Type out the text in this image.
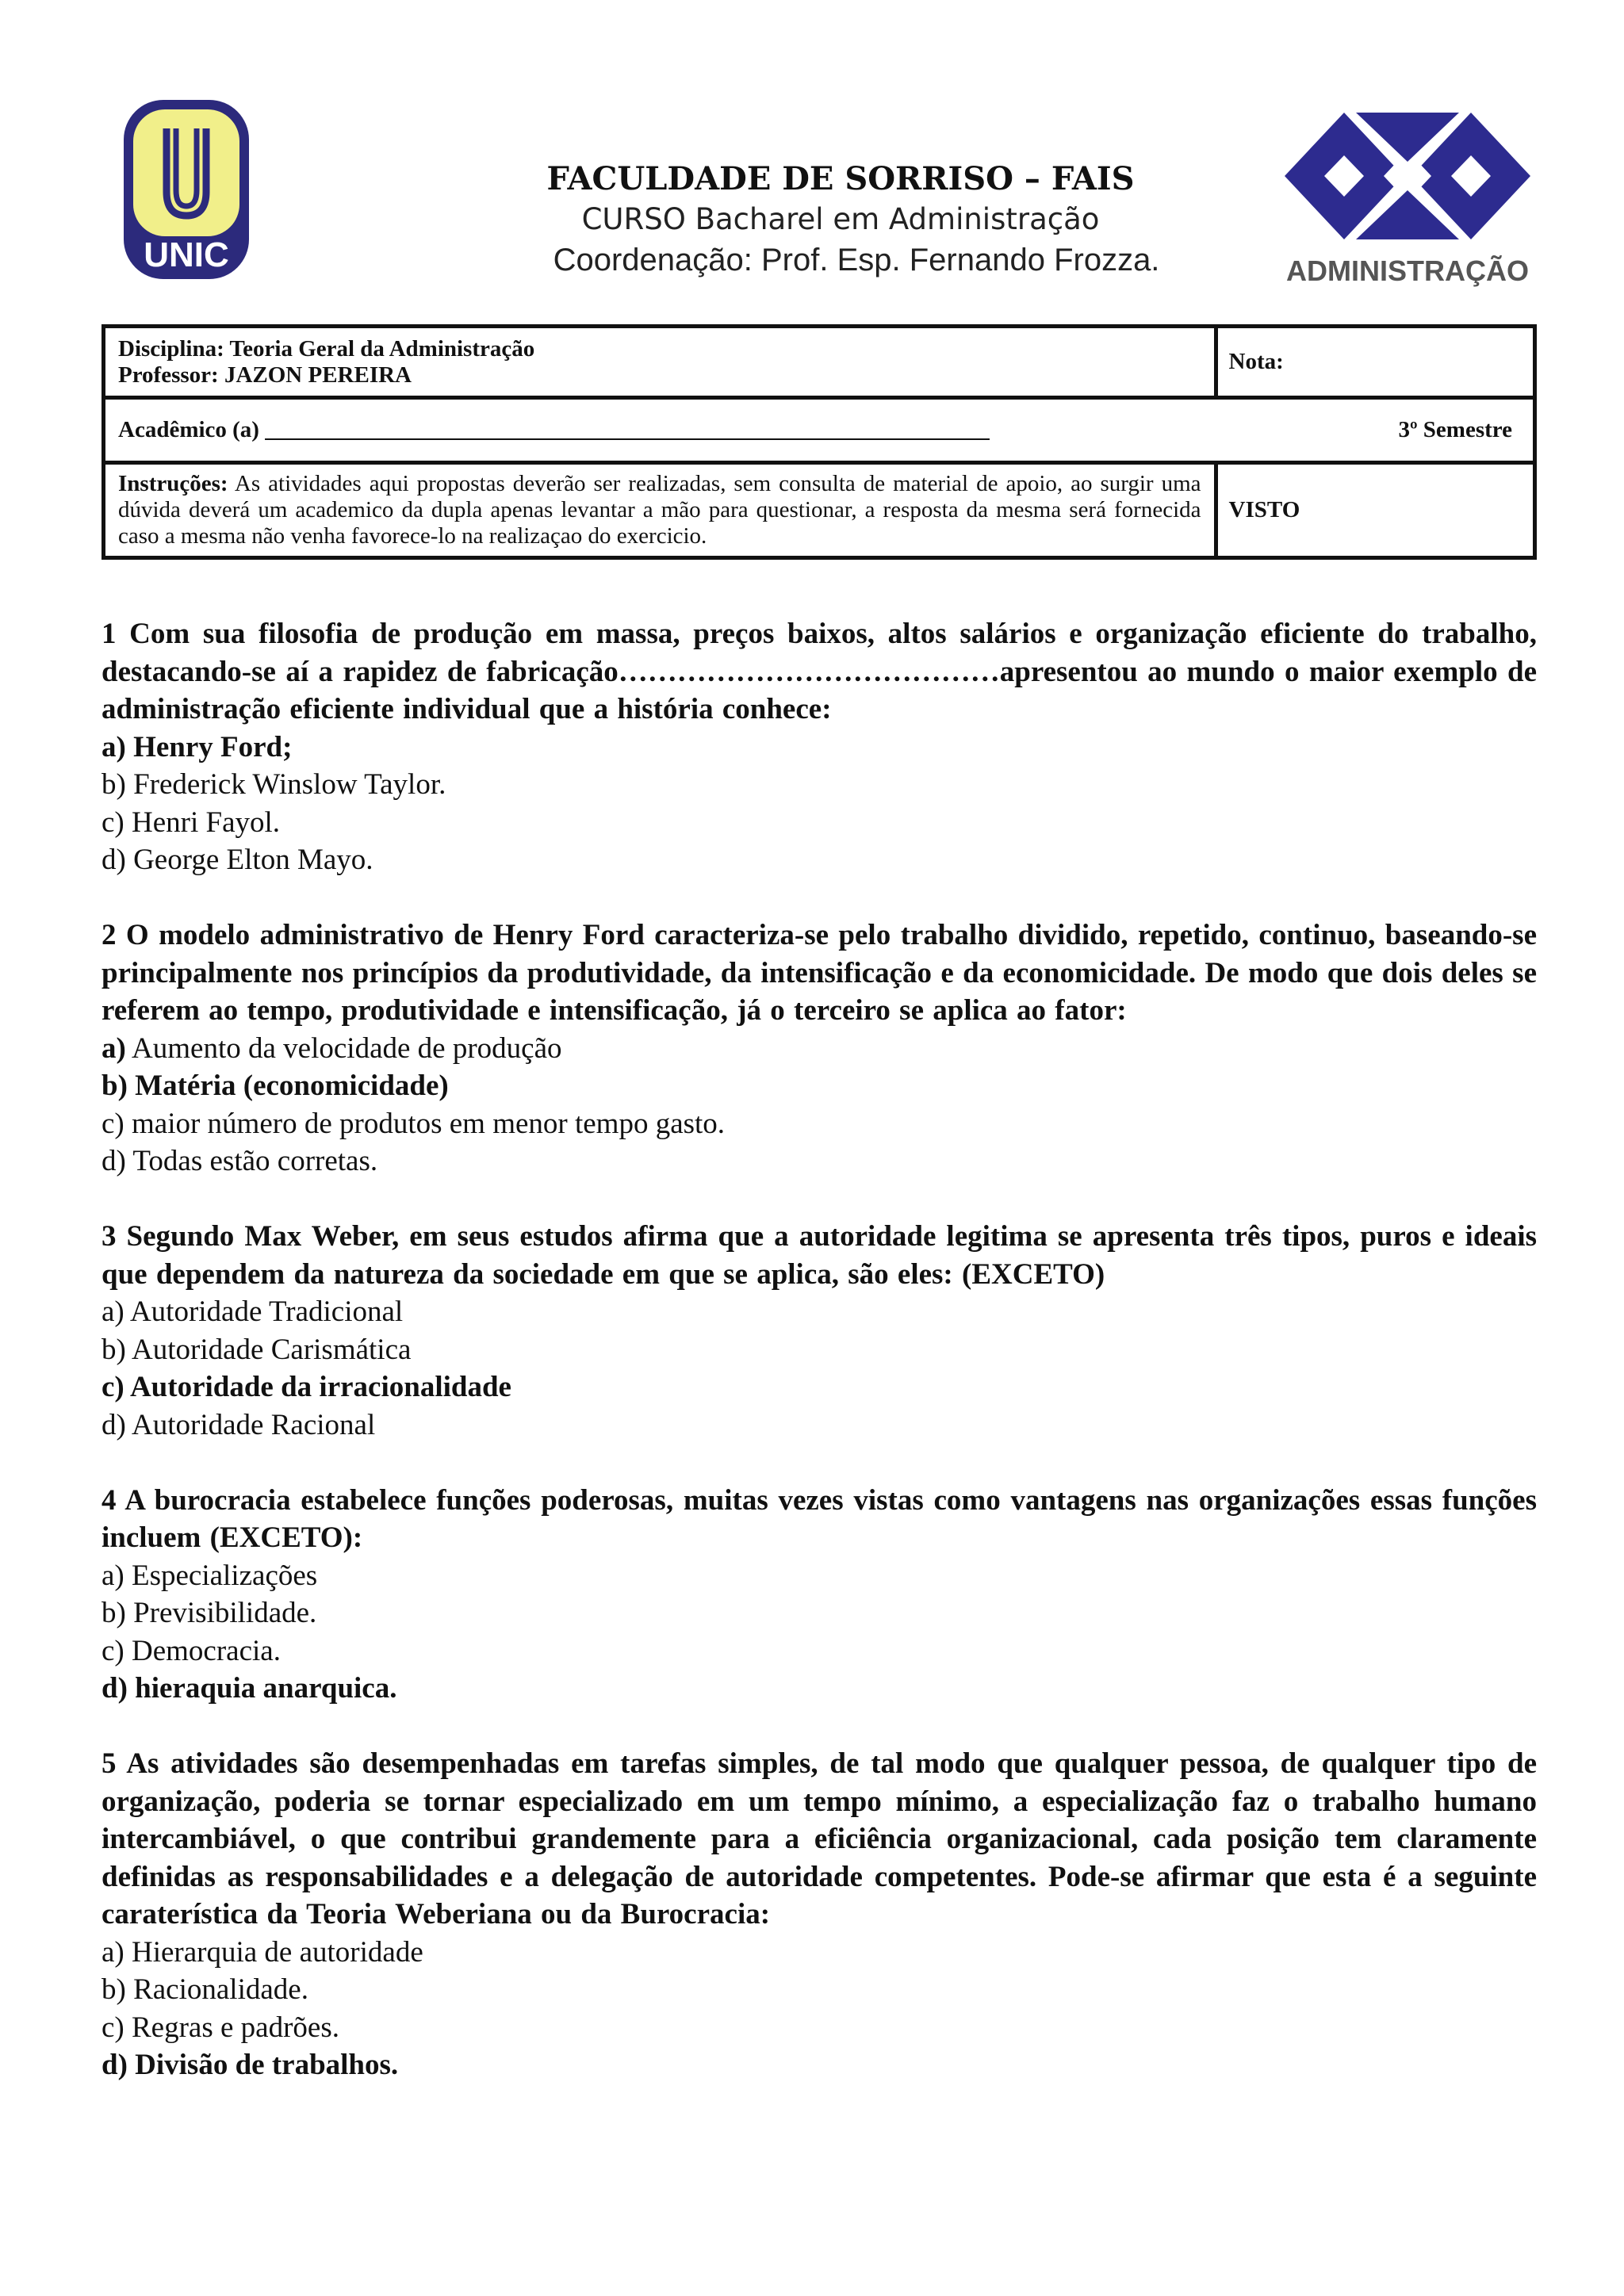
UNIC
FACULDADE DE SORRISO – FAIS
CURSO Bacharel em Administração
Coordenação: Prof. Esp. Fernando Frozza.	ADMINISTRAÇÃO
Disciplina: Teoria Geral da Administração
Professor: JAZON PEREIRA	Nota:

Acadêmico (a) _______________________________________________________________ 3º Semestre	

Instruções: As atividades aqui propostas deverão ser realizadas, sem consulta de material de apoio, ao surgir uma dúvida deverá um academico da dupla apenas levantar a mão para questionar, a resposta da mesma será fornecida caso a mesma não venha favorece-lo na realizaçao do exercicio.	VISTO
1 Com sua filosofia de produção em massa, preços baixos, altos salários e organização eficiente do trabalho, destacando-se aí a rapidez de fabricação…………………………………apresentou ao mundo o maior exemplo de administração eficiente individual que a história conhece:
a) Henry Ford;
b) Frederick Winslow Taylor.
c) Henri Fayol.
d) George Elton Mayo.
2 O modelo administrativo de Henry Ford caracteriza-se pelo trabalho dividido, repetido, continuo, baseando-se principalmente nos princípios da produtividade, da intensificação e da economicidade. De modo que dois deles se referem ao tempo, produtividade e intensificação, já o terceiro se aplica ao fator:
a) Aumento da velocidade de produção
b) Matéria (economicidade)
c) maior número de produtos em menor tempo gasto.
d) Todas estão corretas.
3 Segundo Max Weber, em seus estudos afirma que a autoridade legitima se apresenta três tipos, puros e ideais que dependem da natureza da sociedade em que se aplica, são eles: (EXCETO)
a) Autoridade Tradicional
b) Autoridade Carismática
c) Autoridade da irracionalidade
d) Autoridade Racional
4 A burocracia estabelece funções poderosas, muitas vezes vistas como vantagens nas organizações essas funções incluem (EXCETO):
a) Especializações
b) Previsibilidade.
c) Democracia.
d) hieraquia anarquica.
5 As atividades são desempenhadas em tarefas simples, de tal modo que qualquer pessoa, de qualquer tipo de organização, poderia se tornar especializado em um tempo mínimo, a especialização faz o trabalho humano intercambiável, o que contribui grandemente para a eficiência organizacional, cada posição tem claramente definidas as responsabilidades e a delegação de autoridade competentes. Pode-se afirmar que esta é a seguinte caraterística da Teoria Weberiana ou da Burocracia:
a) Hierarquia de autoridade
b) Racionalidade.
c) Regras e padrões.
d) Divisão de trabalhos.
